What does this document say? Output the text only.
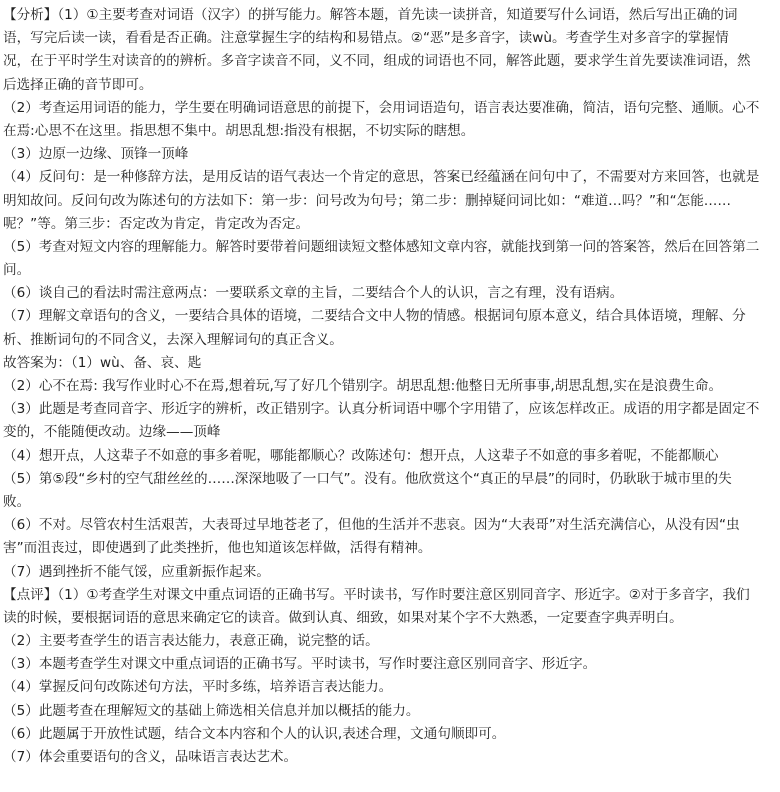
【分析】（1）①主要考查对词语（汉字）的拼写能力。解答本题，首先读一读拼音，知道要写什么词语，然后写出正确的词
语，写完后读一读，看看是否正确。注意掌握生字的结构和易错点。②“恶”是多音字，读wù。考查学生对多音字的掌握情
况，在于平时学生对读音的的辨析。多音字读音不同，义不同，组成的词语也不同，解答此题，要求学生首先要读准词语，然
后选择正确的音节即可。
（2）考查运用词语的能力，学生要在明确词语意思的前提下，会用词语造句，语言表达要准确，简洁，语句完整、通顺。心不
在焉:心思不在这里。指思想不集中。胡思乱想:指没有根据，不切实际的瞎想。
（3）边原一边缘、顶锋一顶峰
（4）反问句：是一种修辞方法，是用反诘的语气表达一个肯定的意思，答案已经蕴涵在问句中了，不需要对方来回答，也就是
明知故问。反问句改为陈述句的方法如下：第一步：问号改为句号；第二步：删掉疑问词比如：“难道…吗？”和“怎能……
呢？”等。第三步：否定改为肯定，肯定改为否定。
（5）考查对短文内容的理解能力。解答时要带着问题细读短文整体感知文章内容，就能找到第一问的答案答，然后在回答第二
问。
（6）谈自己的看法时需注意两点：一要联系文章的主旨，二要结合个人的认识，言之有理，没有语病。
（7）理解文章语句的含义，一要结合具体的语境，二要结合文中人物的情感。根据词句原本意义，结合具体语境，理解、分
析、推断词句的不同含义，去深入理解词句的真正含义。
故答案为：（1）wù、备、哀、匙
（2）心不在焉: 我写作业时心不在焉,想着玩,写了好几个错别字。胡思乱想:他整日无所事事,胡思乱想,实在是浪费生命。
（3）此题是考查同音字、形近字的辨析，改正错别字。认真分析词语中哪个字用错了，应该怎样改正。成语的用字都是固定不
变的，不能随便改动。边缘——顶峰
（4）想开点，人这辈子不如意的事多着呢，哪能都顺心？改陈述句：想开点，人这辈子不如意的事多着呢，不能都顺心
（5）第⑤段“乡村的空气甜丝丝的……深深地吸了一口气”。没有。他欣赏这个“真正的早晨”的同时，仍耿耿于城市里的失
败。
（6）不对。尽管农村生活艰苦，大表哥过早地苍老了，但他的生活并不悲哀。因为“大表哥”对生活充满信心，从没有因“虫
害”而沮丧过，即使遇到了此类挫折，他也知道该怎样做，活得有精神。
（7）遇到挫折不能气馁，应重新振作起来。
【点评】（1）①考查学生对课文中重点词语的正确书写。平时读书，写作时要注意区别同音字、形近字。②对于多音字，我们
读的时候，要根据词语的意思来确定它的读音。做到认真、细致，如果对某个字不大熟悉，一定要查字典弄明白。
（2）主要考查学生的语言表达能力，表意正确，说完整的话。
（3）本题考查学生对课文中重点词语的正确书写。平时读书，写作时要注意区别同音字、形近字。
（4）掌握反问句改陈述句方法，平时多练，培养语言表达能力。
（5）此题考查在理解短文的基础上筛选相关信息并加以概括的能力。
（6）此题属于开放性试题，结合文本内容和个人的认识,表述合理，文通句顺即可。
（7）体会重要语句的含义，品味语言表达艺术。
